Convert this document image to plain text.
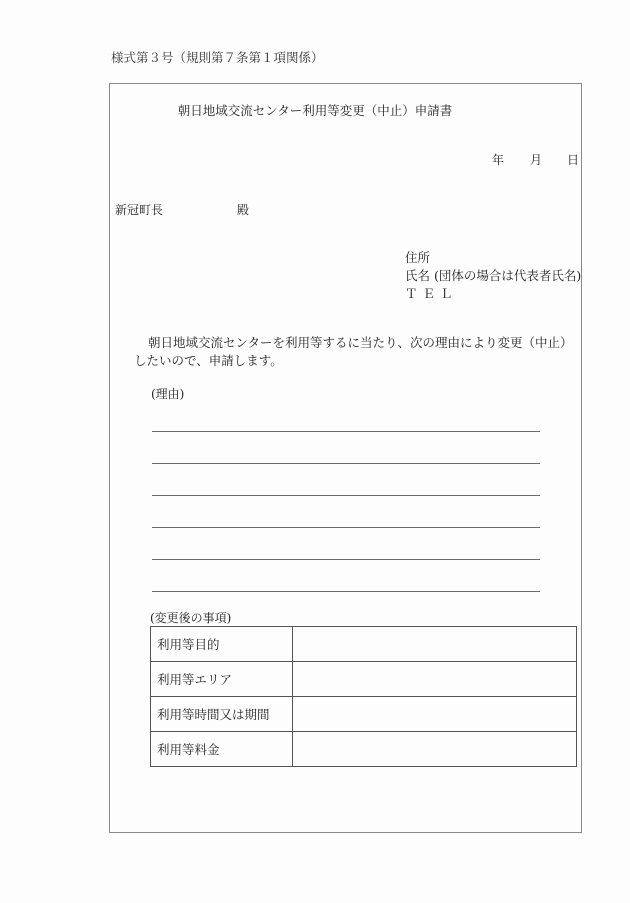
様式第３号（規則第７条第１項関係）
朝日地域交流センター利用等変更（中止）申請書
年 月 日
新冠町長	殿
住所
氏名 (団体の場合は代表者氏名)
ＴＥＬ
朝日地域交流センターを利用等するに当たり、次の理由により変更（中止）したいので、申請します。
(理由)
(変更後の事項)
利用等目的	
利用等エリア	
利用等時間又は期間	
利用等料金	
